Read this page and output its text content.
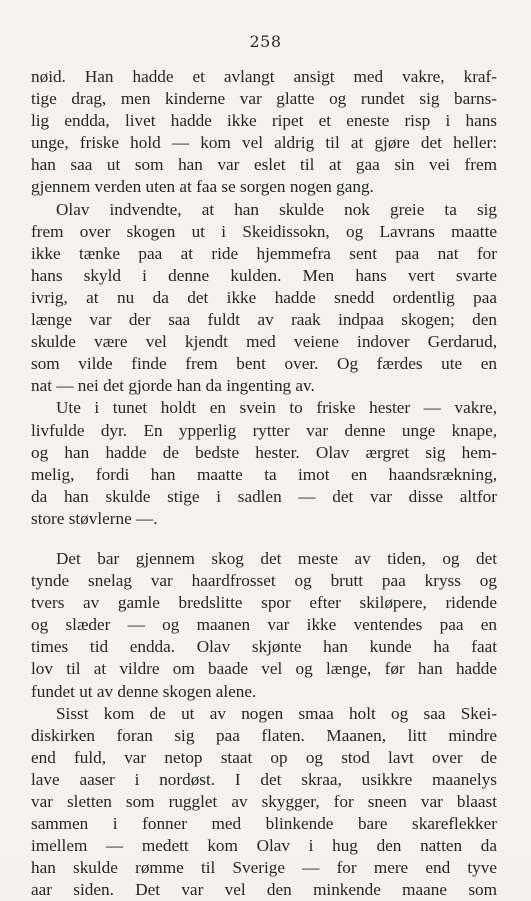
258
nøid. Han hadde et avlangt ansigt med vakre, kraf-
tige drag, men kinderne var glatte og rundet sig barns-
lig endda, livet hadde ikke ripet et eneste risp i hans
unge, friske hold — kom vel aldrig til at gjøre det heller:
han saa ut som han var eslet til at gaa sin vei frem
gjennem verden uten at faa se sorgen nogen gang.
Olav indvendte, at han skulde nok greie ta sig
frem over skogen ut i Skeidissokn, og Lavrans maatte
ikke tænke paa at ride hjemmefra sent paa nat for
hans skyld i denne kulden. Men hans vert svarte
ivrig, at nu da det ikke hadde snedd ordentlig paa
længe var der saa fuldt av raak indpaa skogen; den
skulde være vel kjendt med veiene indover Gerdarud,
som vilde finde frem bent over. Og færdes ute en
nat — nei det gjorde han da ingenting av.
Ute i tunet holdt en svein to friske hester — vakre,
livfulde dyr. En ypperlig rytter var denne unge knape,
og han hadde de bedste hester. Olav ærgret sig hem-
melig, fordi han maatte ta imot en haandsrækning,
da han skulde stige i sadlen — det var disse altfor
store støvlerne —.
Det bar gjennem skog det meste av tiden, og det
tynde snelag var haardfrosset og brutt paa kryss og
tvers av gamle bredslitte spor efter skiløpere, ridende
og slæder — og maanen var ikke ventendes paa en
times tid endda. Olav skjønte han kunde ha faat
lov til at vildre om baade vel og længe, før han hadde
fundet ut av denne skogen alene.
Sisst kom de ut av nogen smaa holt og saa Skei-
diskirken foran sig paa flaten. Maanen, litt mindre
end fuld, var netop staat op og stod lavt over de
lave aaser i nordøst. I det skraa, usikkre maanelys
var sletten som rugglet av skygger, for sneen var blaast
sammen i fonner med blinkende bare skareflekker
imellem — medett kom Olav i hug den natten da
han skulde rømme til Sverige — for mere end tyve
aar siden. Det var vel den minkende maane som
